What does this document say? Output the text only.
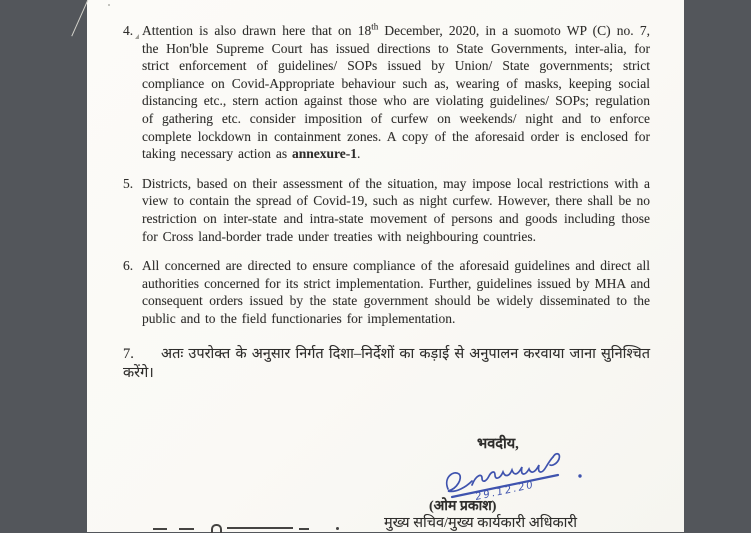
4. Attention is also drawn here that on 18th December, 2020, in a suomoto WP (C) no. 7, the Hon'ble Supreme Court has issued directions to State Governments, inter-alia, for strict enforcement of guidelines/ SOPs issued by Union/ State governments; strict compliance on Covid-Appropriate behaviour such as, wearing of masks, keeping social distancing etc., stern action against those who are violating guidelines/ SOPs; regulation of gathering etc. consider imposition of curfew on weekends/ night and to enforce complete lockdown in containment zones. A copy of the aforesaid order is enclosed for taking necessary action as annexure-1.
5. Districts, based on their assessment of the situation, may impose local restrictions with a view to contain the spread of Covid-19, such as night curfew. However, there shall be no restriction on inter-state and intra-state movement of persons and goods including those for Cross land-border trade under treaties with neighbouring countries.
6. All concerned are directed to ensure compliance of the aforesaid guidelines and direct all authorities concerned for its strict implementation. Further, guidelines issued by MHA and consequent orders issued by the state government should be widely disseminated to the public and to the field functionaries for implementation.
7. अतः उपरोक्त के अनुसार निर्गत दिशा–निर्देशों का कड़ाई से अनुपालन करवाया जाना सुनिश्चित करेंगे।
भवदीय,
29.12.20
(ओम प्रकाश)
मुख्य सचिव/मुख्य कार्यकारी अधिकारी
